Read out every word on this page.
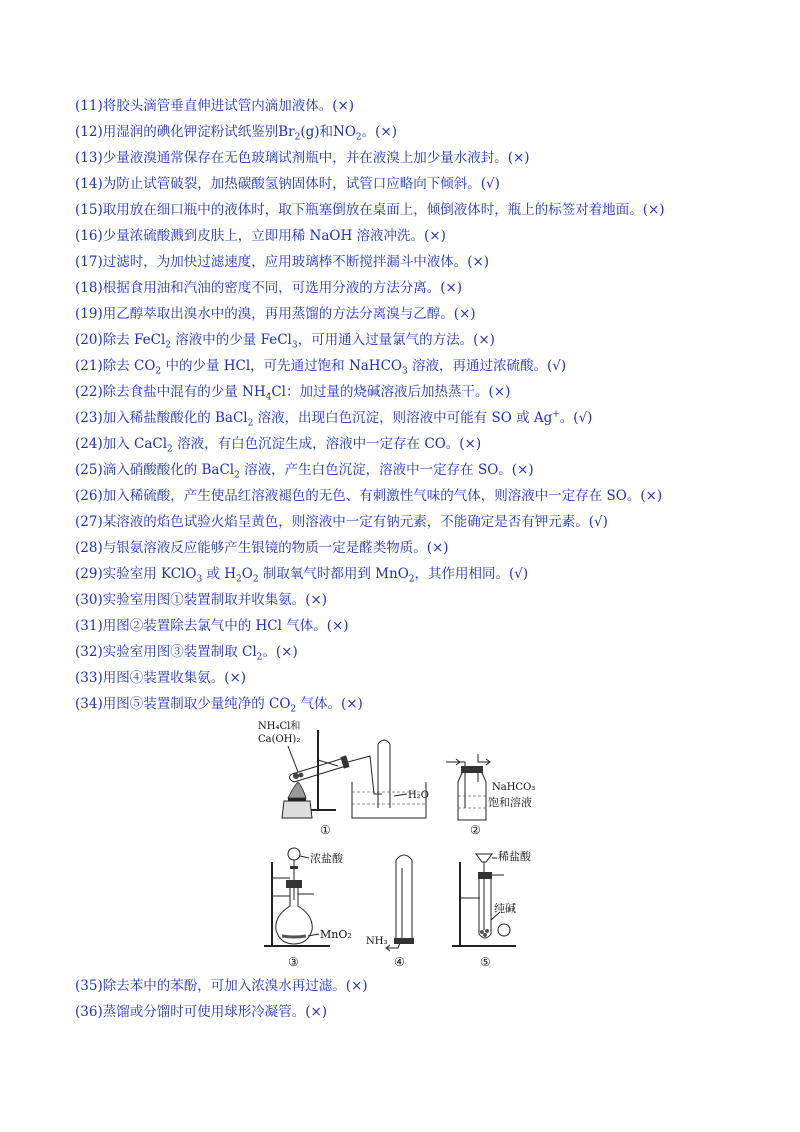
(11)将胶头滴管垂直伸进试管内滴加液体。(×)
(12)用湿润的碘化钾淀粉试纸鉴别$Br_2(g)$和$NO_2$。(×)
(13)少量液溴通常保存在无色玻璃试剂瓶中，并在液溴上加少量水液封。(×)
(14)为防止试管破裂，加热碳酸氢钠固体时，试管口应略向下倾斜。(√)
(15)取用放在细口瓶中的液体时，取下瓶塞倒放在桌面上，倾倒液体时，瓶上的标签对着地面。(×)
(16)少量浓硫酸溅到皮肤上，立即用稀 NaOH 溶液冲洗。(×)
(17)过滤时，为加快过滤速度，应用玻璃棒不断搅拌漏斗中液体。(×)
(18)根据食用油和汽油的密度不同，可选用分液的方法分离。(×)
(19)用乙醇萃取出溴水中的溴，再用蒸馏的方法分离溴与乙醇。(×)
(20)除去 FeCl$_2$ 溶液中的少量 FeCl$_3$，可用通入过量氯气的方法。(×)
(21)除去 $CO_2$ 中的少量 HCl，可先通过饱和 NaHCO$_3$ 溶液，再通过浓硫酸。(√)
(22)除去食盐中混有的少量 $NH_4Cl$：加过量的烧碱溶液后加热蒸干。(×)
(23)加入稀盐酸酸化的 BaCl$_2$ 溶液，出现白色沉淀，则溶液中可能有 SO 或 Ag+。(√)
(24)加入 CaCl$_2$ 溶液，有白色沉淀生成，溶液中一定存在 CO。(×)
(25)滴入硝酸酸化的 BaCl$_2$ 溶液，产生白色沉淀，溶液中一定存在 SO。(×)
(26)加入稀硫酸，产生使品红溶液褪色的无色、有刺激性气味的气体，则溶液中一定存在 SO。(×)
(27)某溶液的焰色试验火焰呈黄色，则溶液中一定有钠元素，不能确定是否有钾元素。(√)
(28)与银氨溶液反应能够产生银镜的物质一定是醛类物质。(×)
(29)实验室用 KClO$_3$ 或 $H_2O_2$ 制取氧气时都用到 MnO$_2$，其作用相同。(√)
(30)实验室用图①装置制取并收集氨。(×)
(31)用图②装置除去氯气中的 HCl 气体。(×)
(32)实验室用图③装置制取 $Cl_2$。(×)
(33)用图④装置收集氨。(×)
(34)用图⑤装置制取少量纯净的 $CO_2$ 气体。(×)
(35)除去苯中的苯酚，可加入浓溴水再过滤。(×)
(36)蒸馏或分馏时可使用球形冷凝管。(×)
NH₄Cl和
Ca(OH)₂
H₂O
①
NaHCO₃
饱和溶液
②
浓盐酸
MnO₂
③
NH₃
④
稀盐酸
纯碱
⑤
